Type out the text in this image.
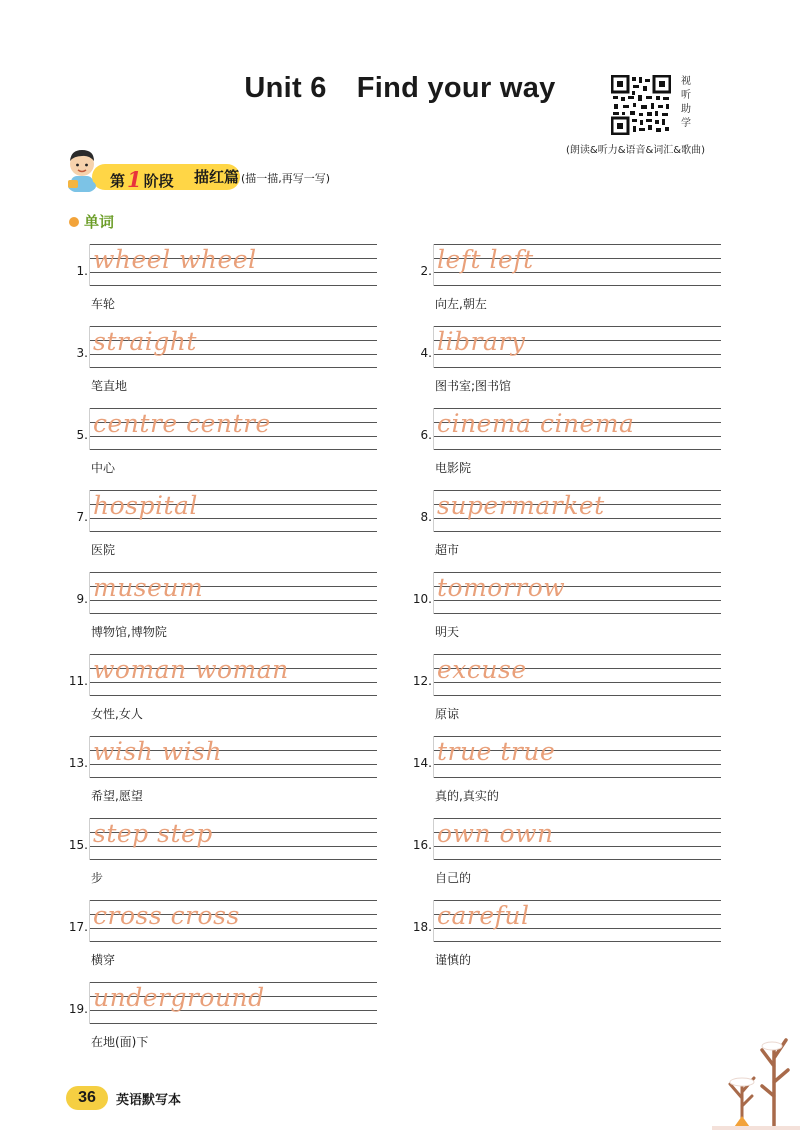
Unit 6 Find your way	视
听
助
学
(朗读&听力&语音&词汇&歌曲)
第1 阶段 描红篇 (描一描,再写一写)
单词
1. wheel wheel
车轮
2. left left
向左,朝左
3. straight
笔直地
4. library
图书室;图书馆
5. centre centre
中心
6. cinema cinema
电影院
7. hospital
医院
8. supermarket
超市
9. museum
博物馆,博物院
10. tomorrow
明天
11. woman woman
女性,女人
12. excuse
原谅
13. wish wish
希望,愿望
14. true true
真的,真实的
15. step step
步
16. own own
自己的
17. cross cross
横穿
18. careful
谨慎的
19. underground
在地(面)下
36	英语默写本
